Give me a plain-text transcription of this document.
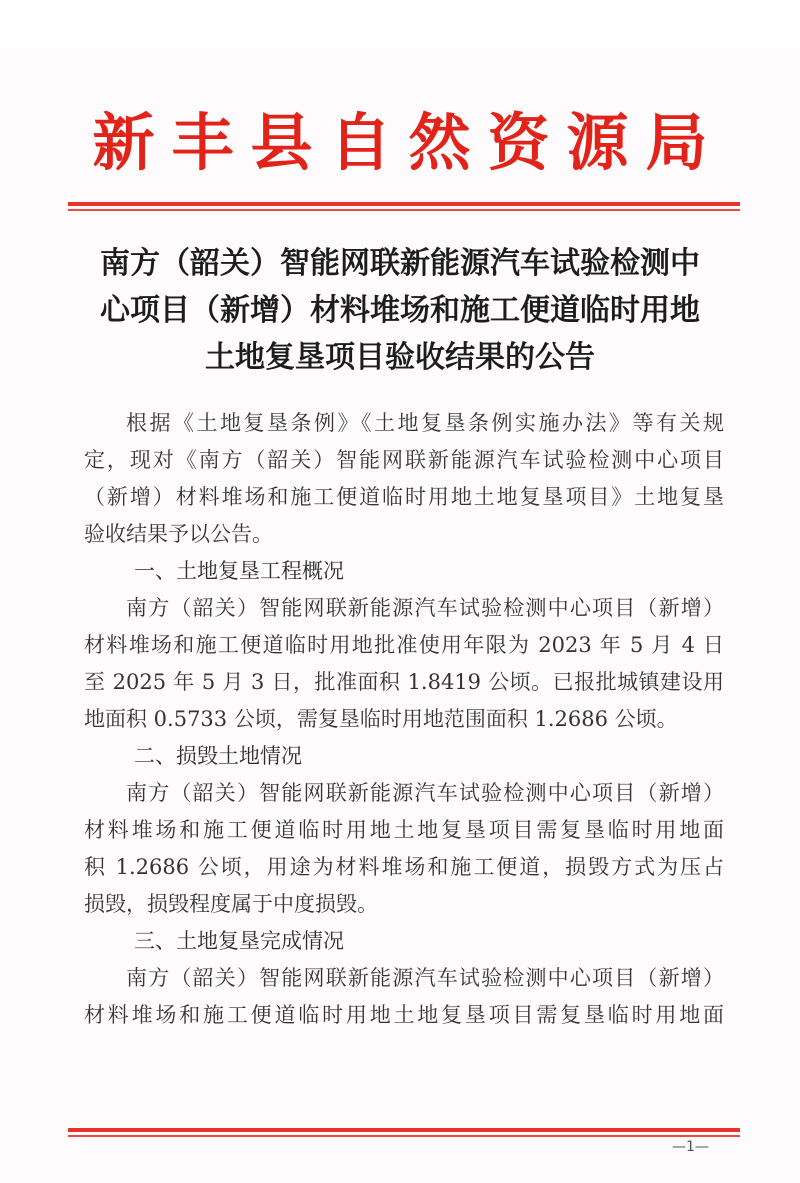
新丰县自然资源局
南方（韶关）智能网联新能源汽车试验检测中
心项目（新增）材料堆场和施工便道临时用地
土地复垦项目验收结果的公告
根据《土地复垦条例》《土地复垦条例实施办法》等有关规
定，现对《南方（韶关）智能网联新能源汽车试验检测中心项目
（新增）材料堆场和施工便道临时用地土地复垦项目》土地复垦
验收结果予以公告。
一、土地复垦工程概况
南方（韶关）智能网联新能源汽车试验检测中心项目（新增）
材料堆场和施工便道临时用地批准使用年限为 2023 年 5 月 4 日
至 2025 年 5 月 3 日，批准面积 1.8419 公顷。已报批城镇建设用
地面积 0.5733 公顷，需复垦临时用地范围面积 1.2686 公顷。
二、损毁土地情况
南方（韶关）智能网联新能源汽车试验检测中心项目（新增）
材料堆场和施工便道临时用地土地复垦项目需复垦临时用地面
积 1.2686 公顷，用途为材料堆场和施工便道，损毁方式为压占
损毁，损毁程度属于中度损毁。
三、土地复垦完成情况
南方（韶关）智能网联新能源汽车试验检测中心项目（新增）
材料堆场和施工便道临时用地土地复垦项目需复垦临时用地面
—1—
